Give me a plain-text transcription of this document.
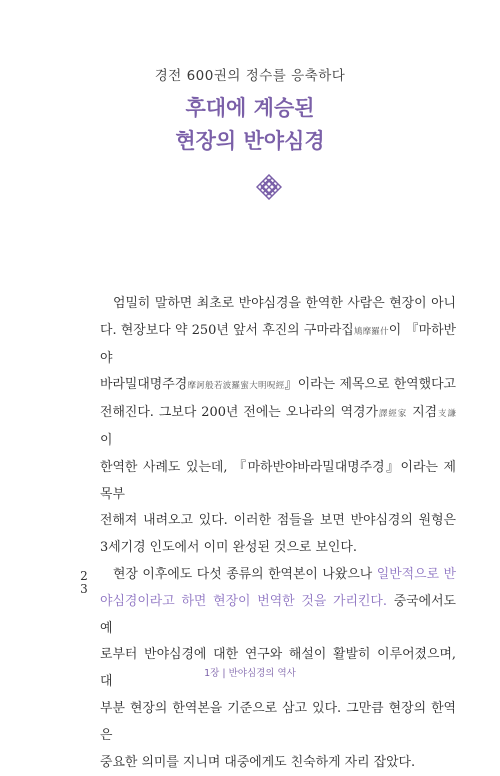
경전 600권의 정수를 응축하다
후대에 계승된
현장의 반야심경

엄밀히 말하면 최초로 반야심경을 한역한 사람은 현장이 아니
다. 현장보다 약 250년 앞서 후진의 구마라집鳩摩羅什이 『마하반야
바라밀대명주경摩訶般若波羅蜜大明呪經』이라는 제목으로 한역했다고
전해진다. 그보다 200년 전에는 오나라의 역경가譯經家 지겸支謙이
한역한 사례도 있는데, 『마하반야바라밀대명주경』이라는 제목부
전해져 내려오고 있다. 이러한 점들을 보면 반야심경의 원형은
3세기경 인도에서 이미 완성된 것으로 보인다.

현장 이후에도 다섯 종류의 한역본이 나왔으나 일반적으로 반
야심경이라고 하면 현장이 번역한 것을 가리킨다. 중국에서도 예
로부터 반야심경에 대한 연구와 해설이 활발히 이루어졌으며, 대
부분 현장의 한역본을 기준으로 삼고 있다. 그만큼 현장의 한역은
중요한 의미를 지니며 대중에게도 친숙하게 자리 잡았다.

2
3
1장 | 반야심경의 역사
